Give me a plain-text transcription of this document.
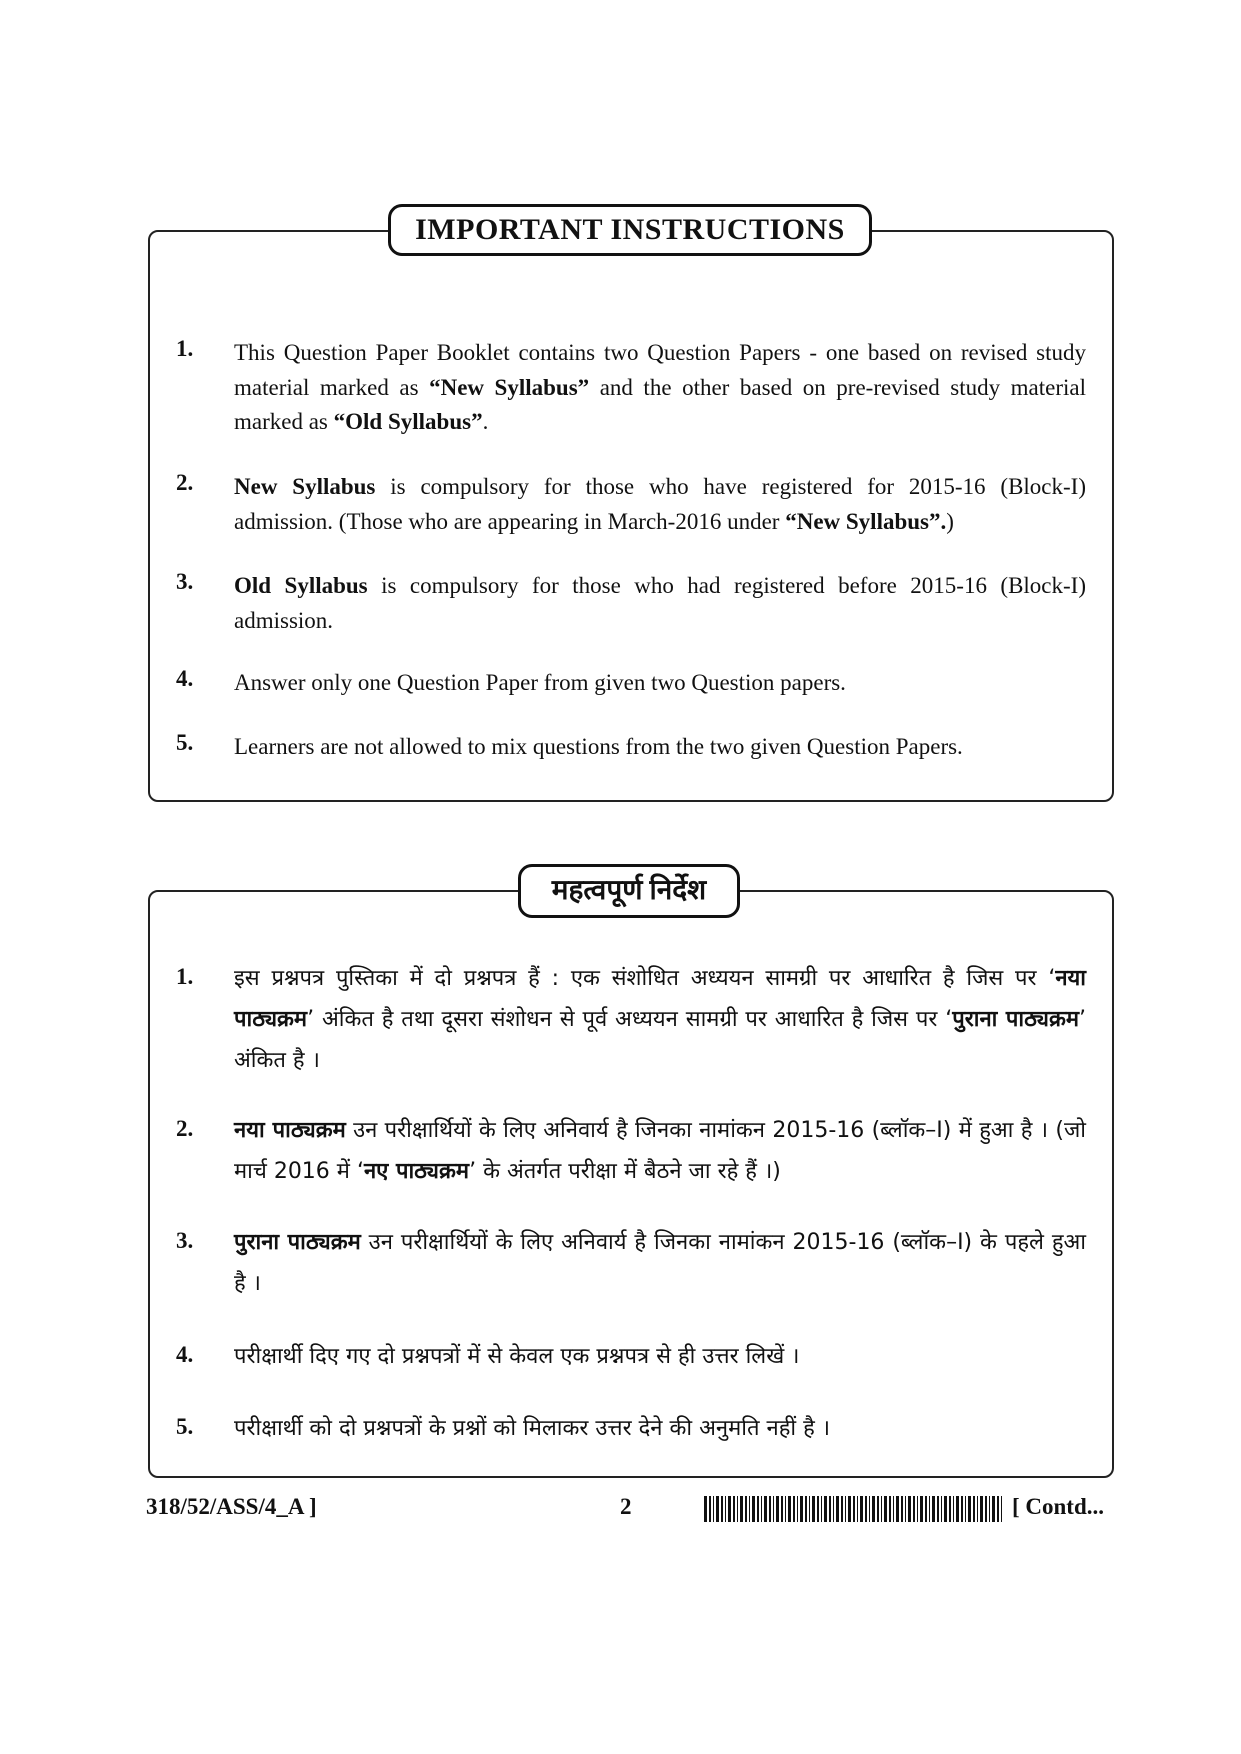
IMPORTANT INSTRUCTIONS
1. This Question Paper Booklet contains two Question Papers - one based on revised study material marked as “New Syllabus” and the other based on pre-revised study material marked as “Old Syllabus”.
2. New Syllabus is compulsory for those who have registered for 2015-16 (Block-I) admission. (Those who are appearing in March-2016 under “New Syllabus”.)
3. Old Syllabus is compulsory for those who had registered before 2015-16 (Block-I) admission.
4. Answer only one Question Paper from given two Question papers.
5. Learners are not allowed to mix questions from the two given Question Papers.
महत्वपूर्ण निर्देश
1. इस प्रश्नपत्र पुस्तिका में दो प्रश्नपत्र हैं : एक संशोधित अध्ययन सामग्री पर आधारित है जिस पर ‘नया पाठ्यक्रम’ अंकित है तथा दूसरा संशोधन से पूर्व अध्ययन सामग्री पर आधारित है जिस पर ‘पुराना पाठ्यक्रम’ अंकित है ।
2. नया पाठ्यक्रम उन परीक्षार्थियों के लिए अनिवार्य है जिनका नामांकन 2015-16 (ब्लॉक–I) में हुआ है । (जो मार्च 2016 में ‘नए पाठ्यक्रम’ के अंतर्गत परीक्षा में बैठने जा रहे हैं ।)
3. पुराना पाठ्यक्रम उन परीक्षार्थियों के लिए अनिवार्य है जिनका नामांकन 2015-16 (ब्लॉक–I) के पहले हुआ है ।
4. परीक्षार्थी दिए गए दो प्रश्नपत्रों में से केवल एक प्रश्नपत्र से ही उत्तर लिखें ।
5. परीक्षार्थी को दो प्रश्नपत्रों के प्रश्नों को मिलाकर उत्तर देने की अनुमति नहीं है ।
318/52/ASS/4_A ]	2	[ Contd...
